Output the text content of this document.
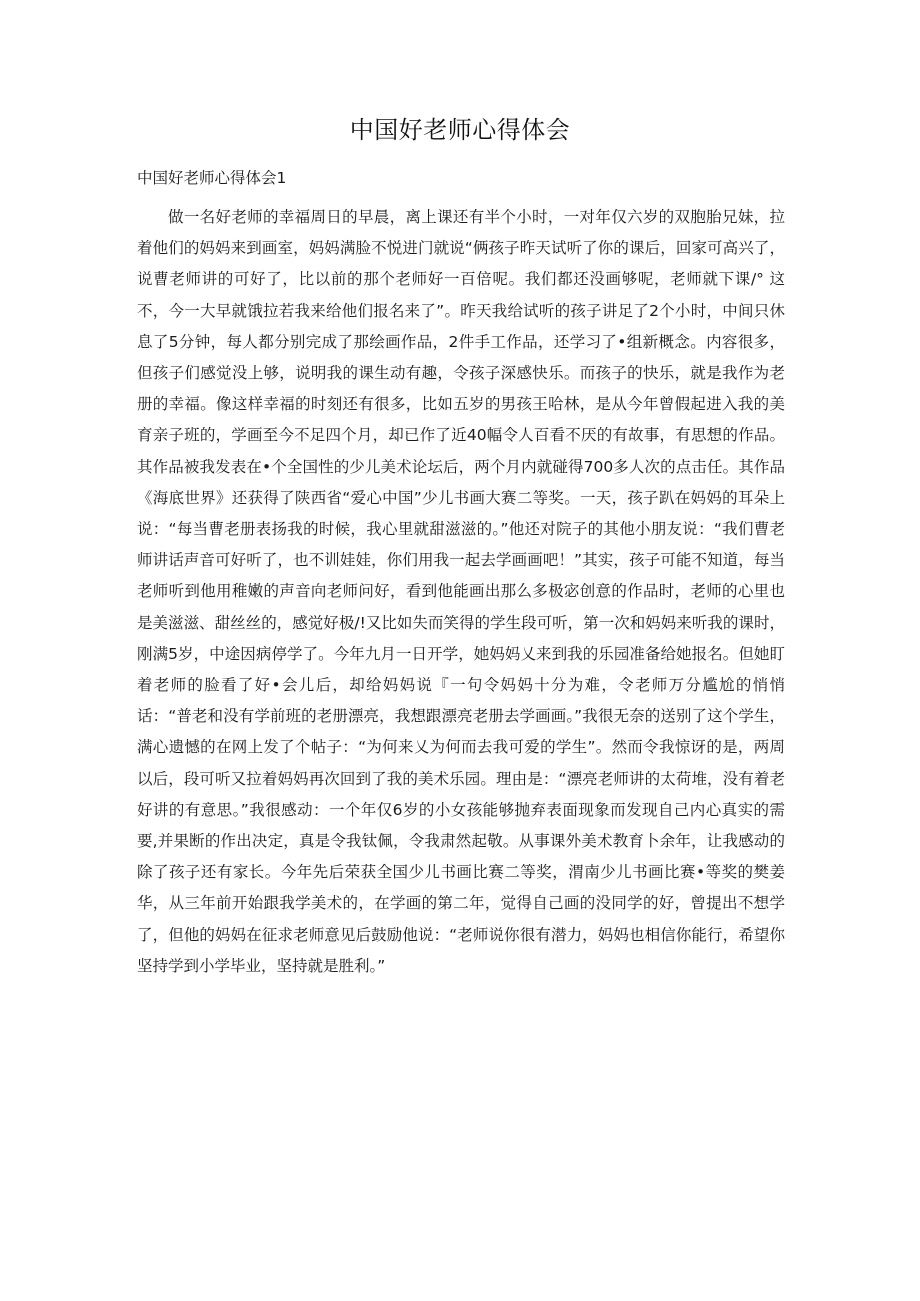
中国好老师心得体会
中国好老师心得体会1

做一名好老师的幸福周日的早晨，离上课还有半个小时，一对年仅六岁的双胞胎兄妹，拉着他们的妈妈来到画室，妈妈满脸不悦进门就说“俩孩子昨天试听了你的课后，回家可高兴了，说曹老师讲的可好了，比以前的那个老师好一百倍呢。我们都还没画够呢，老师就下课/° 这不，今一大早就饿拉若我来给他们报名来了”。昨天我给试听的孩子讲足了2个小时，中间只休息了5分钟，每人都分别完成了那绘画作品，2件手工作品，还学习了•组新概念。内容很多，但孩子们感觉没上够，说明我的课生动有趣，令孩子深感快乐。而孩子的快乐，就是我作为老册的幸福。像这样幸福的时刻还有很多，比如五岁的男孩王哈林，是从今年曾假起进入我的美育亲子班的，学画至今不足四个月，却已作了近40幅令人百看不厌的有故事，有思想的作品。其作品被我发表在•个全国性的少儿美术论坛后，两个月内就碰得700多人次的点击任。其作品《海底世界》还获得了陕西省“爱心中国”少儿书画大赛二等奖。一天，孩子趴在妈妈的耳朵上说：“每当曹老册表扬我的时候，我心里就甜滋滋的。”他还对院子的其他小朋友说：“我们曹老师讲话声音可好听了，也不训娃娃，你们用我一起去学画画吧！”其实，孩子可能不知道，每当老师听到他用稚嫩的声音向老师问好，看到他能画出那么多极宓创意的作品时，老师的心里也是美滋滋、甜丝丝的，感觉好极/!又比如失而笑得的学生段可听，第一次和妈妈来听我的课时，刚满5岁，中途因病停学了。今年九月一日开学，她妈妈乂来到我的乐园准备给她报名。但她盯着老师的脸看了好•会儿后，却给妈妈说『一句令妈妈十分为难，令老师万分尴尬的悄悄话：“普老和没有学前班的老册漂亮，我想跟漂亮老册去学画画。”我很无奈的送别了这个学生，满心遗憾的在网上发了个帖子：“为何来乂为何而去我可爱的学生”。然而令我惊讶的是，两周以后，段可听又拉着妈妈再次回到了我的美术乐园。理由是：“漂亮老师讲的太荷堆，没有着老好讲的有意思。”我很感动：一个年仅6岁的小女孩能够抛弃表面现象而发现自己内心真实的需要,并果断的作出决定，真是令我钛佩，令我肃然起敬。从事课外美术教育卜余年，让我感动的除了孩子还有家长。今年先后荣获全国少儿书画比赛二等奖，渭南少儿书画比赛•等奖的樊姜华，从三年前开始跟我学美术的，在学画的第二年，觉得自己画的没同学的好，曾提出不想学了，但他的妈妈在征求老师意见后鼓励他说：“老师说你很有潜力，妈妈也相信你能行，希望你坚持学到小学毕业，坚持就是胜利。”
